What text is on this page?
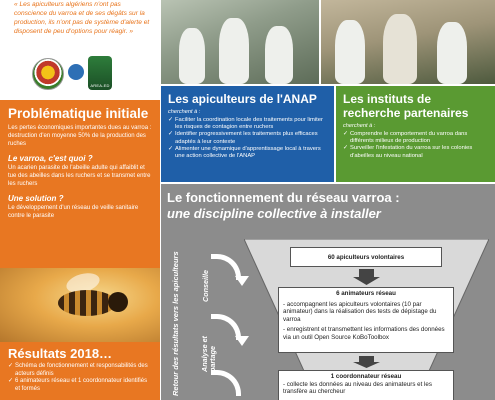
« Les apiculteurs algériens n'ont pas conscience du varroa et de ses dégâts sur la production, ils n'ont pas de système d'alerte et disposent de peu d'options pour réagir. »

AREA-ED
Problématique initiale

Les pertes économiques importantes dues au varroa : destruction d'en moyenne 50% de la production des ruches

Le varroa, c'est quoi ?

Un acarien parasite de l'abeille adulte qui affaiblit et tue des abeilles dans les ruchers et se transmet entre les ruchers

Une solution ?

Le développement d'un réseau de veille sanitaire contre le parasite

Résultats 2018…
✓ Schéma de fonctionnement et responsabilités des acteurs définis
✓ 6 animateurs réseau et 1 coordonnateur identifiés et formés
Les apiculteurs de l'ANAP
cherchent à :
✓ Faciliter la coordination locale des traitements pour limiter les risques de contagion entre ruchers
✓ Identifier progressivement les traitements plus efficaces adaptés à leur contexte
✓ Alimenter une dynamique d'apprentissage local à travers une action collective de l'ANAP
Les instituts de recherche partenaires
cherchent à :
✓ Comprendre le comportement du varroa dans différents milieux de production
✓ Surveiller l'infestation du varroa sur les colonies d'abeilles au niveau national
Le fonctionnement du réseau varroa :
une discipline collective à installer
Retour des résultats vers les apiculteurs	Conseille
Analyse et partage
60 apiculteurs volontaires
6 animateurs réseau
- accompagnent les apiculteurs volontaires (10 par animateur) dans la réalisation des tests de dépistage du varroa
- enregistrent et transmettent les informations des données via un outil Open Source KoBoToolbox
1 coordonnateur réseau
- collecte les données au niveau des animateurs et les transfère au chercheur
